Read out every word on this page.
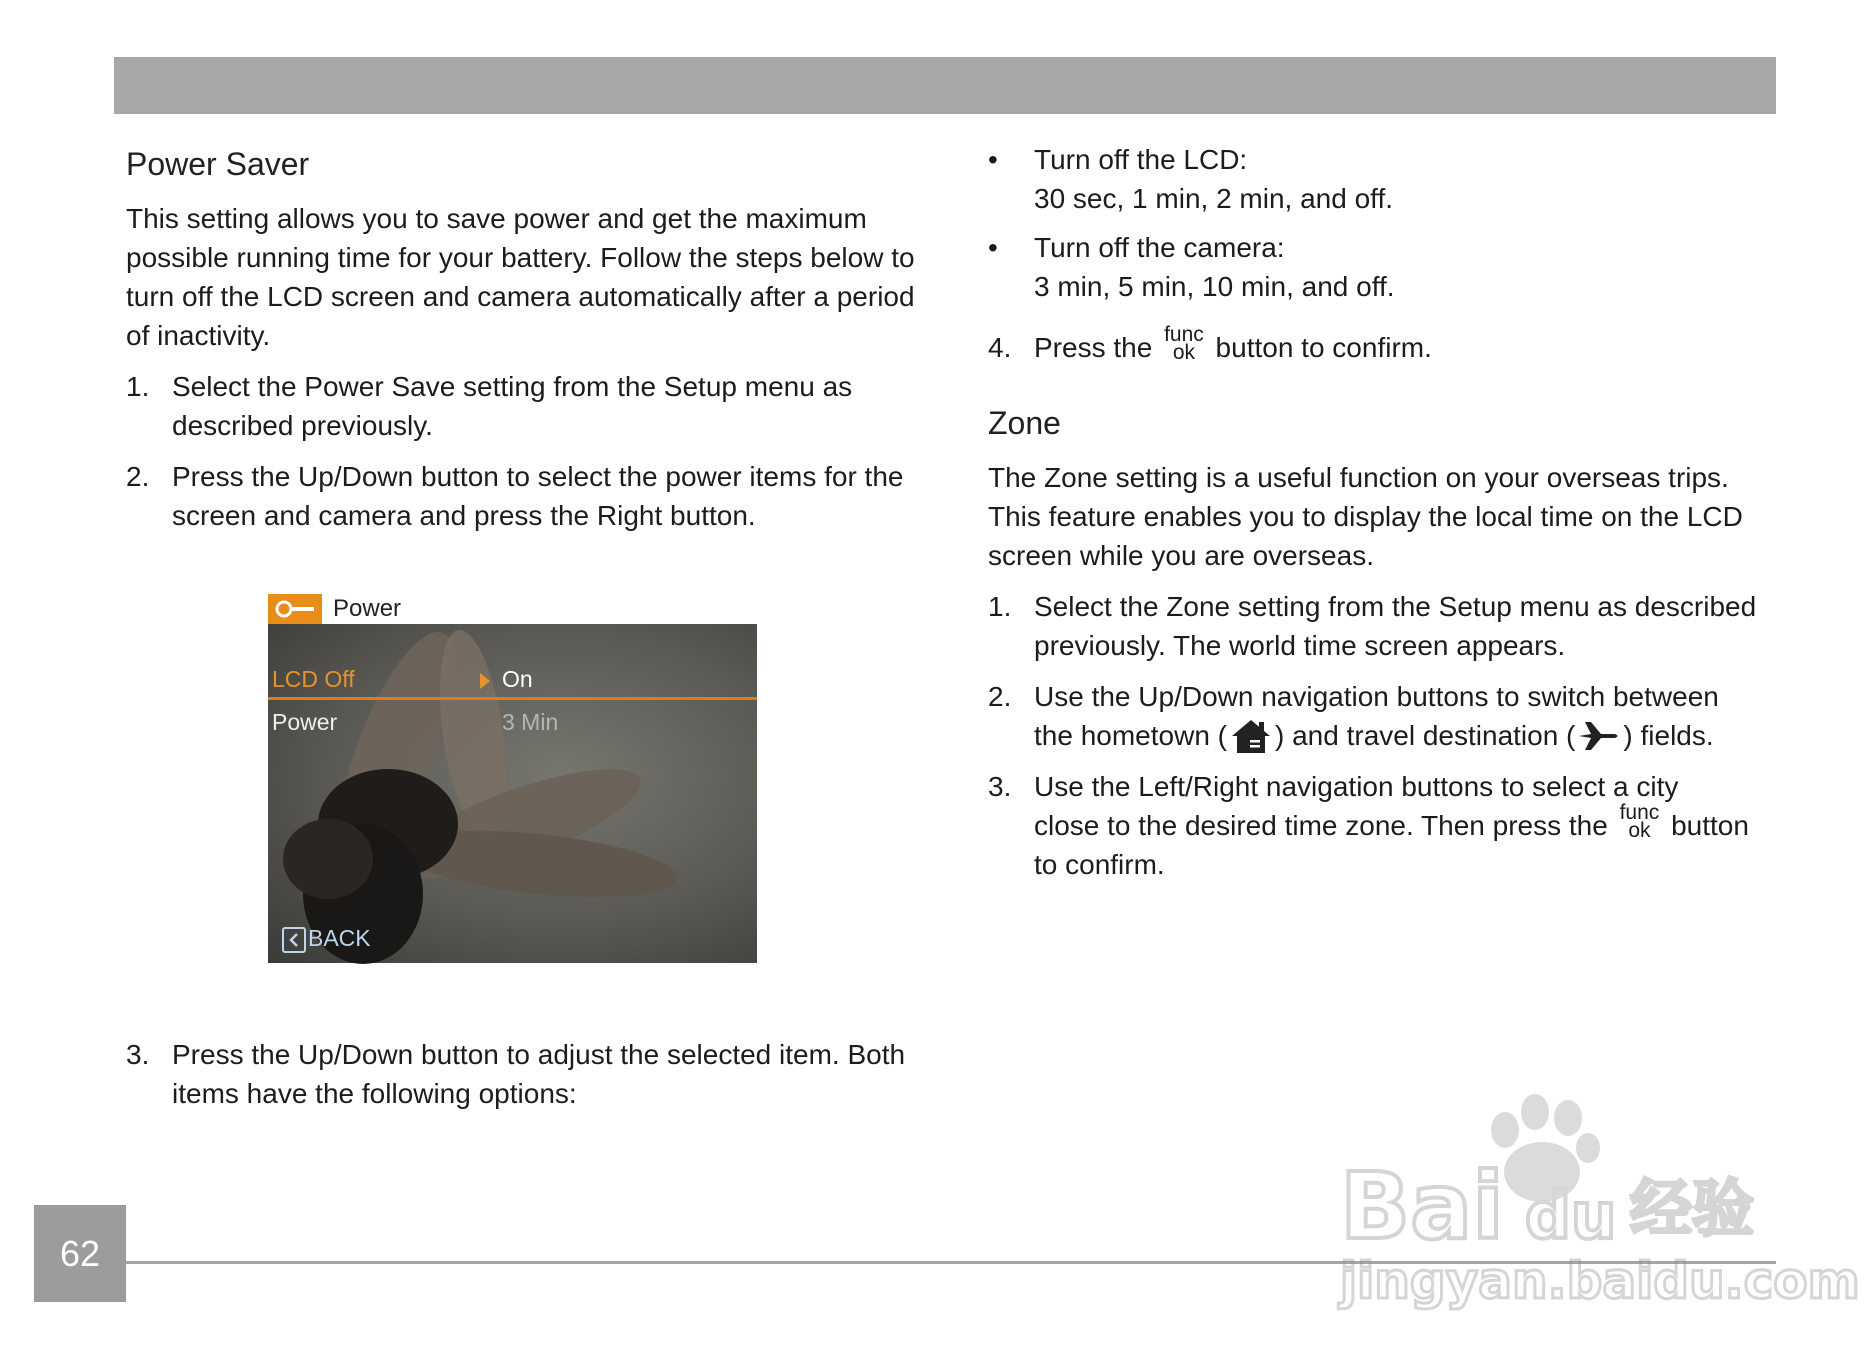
Power Saver

This setting allows you to save power and get the maximum possible running time for your battery. Follow the steps below to turn off the LCD screen and camera automatically after a period of inactivity.

1. Select the Power Save setting from the Setup menu as described previously.
2. Press the Up/Down button to select the power items for the screen and camera and press the Right button.
3. Press the Up/Down button to adjust the selected item. Both items have the following options:
Power
LCD Off	On
Power	3 Min
BACK
• Turn off the LCD:
30 sec, 1 min, 2 min, and off.
• Turn off the camera:
3 min, 5 min, 10 min, and off.
4. Press the func
ok button to confirm.
Zone

The Zone setting is a useful function on your overseas trips. This feature enables you to display the local time on the LCD screen while you are overseas.

1. Select the Zone setting from the Setup menu as described previously. The world time screen appears.
2. Use the Up/Down navigation buttons to switch between
the hometown ( ) and travel destination ( ) fields.
3. Use the Left/Right navigation buttons to select a city
close to the desired time zone. Then press the func
ok button
to confirm.
62	Bai du 经验
jingyan.baidu.com
